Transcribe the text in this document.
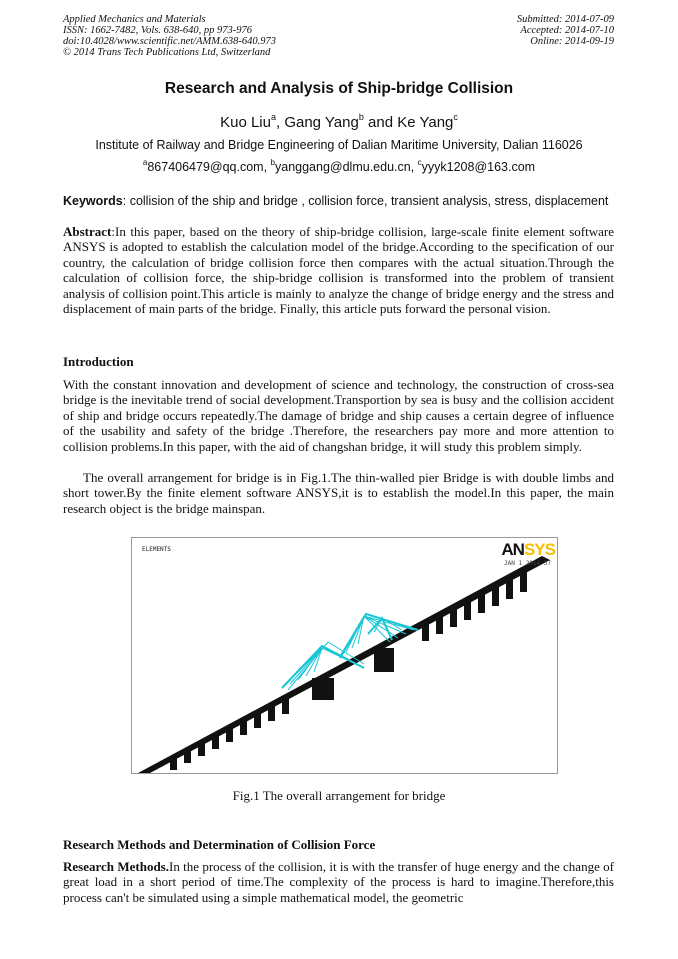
Applied Mechanics and Materials
ISSN: 1662-7482, Vols. 638-640, pp 973-976
doi:10.4028/www.scientific.net/AMM.638-640.973
© 2014 Trans Tech Publications Ltd, Switzerland
Submitted: 2014-07-09
Accepted: 2014-07-10
Online: 2014-09-19
Research and Analysis of Ship-bridge Collision
Kuo Liu$^a$, Gang Yang$^b$ and Ke Yang$^c$
Institute of Railway and Bridge Engineering of Dalian Maritime University, Dalian 116026
$^a$867406479@qq.com, $^b$yanggang@dlmu.edu.cn, $^c$yyyk1208@163.com
Keywords: collision of the ship and bridge , collision force, transient analysis, stress, displacement
Abstract:In this paper, based on the theory of ship-bridge collision, large-scale finite element software ANSYS is adopted to establish the calculation model of the bridge.According to the specification of our country, the calculation of bridge collision force then compares with the actual situation.Through the calculation of collision force, the ship-bridge collision is transformed into the problem of transient analysis of collision point.This article is mainly to analyze the change of bridge energy and the stress and displacement of main parts of the bridge. Finally, this article puts forward the personal vision.
Introduction
With the constant innovation and development of science and technology, the construction of cross-sea bridge is the inevitable trend of social development.Transportion by sea is busy and the collision accident of ship and bridge occurs repeatedly.The damage of bridge and ship causes a certain degree of influence of the usability and safety of the bridge .Therefore, the researchers pay more and more attention to collision problems.In this paper, with the aid of changshan bridge, it will study this problem simply.
The overall arrangement for bridge is in Fig.1.The thin-walled pier Bridge is with double limbs and short tower.By the finite element software ANSYS,it is to establish the model.In this paper, the main research object is the bridge mainspan.
ELEMENTS	ANSYS
JAN 1 2014 37
Fig.1 The overall arrangement for bridge
Research Methods and Determination of Collision Force
Research Methods.In the process of the collision, it is with the transfer of huge energy and the change of great load in a short period of time.The complexity of the process is hard to imagine.Therefore,this process can't be simulated using a simple mathematical model, the geometric
